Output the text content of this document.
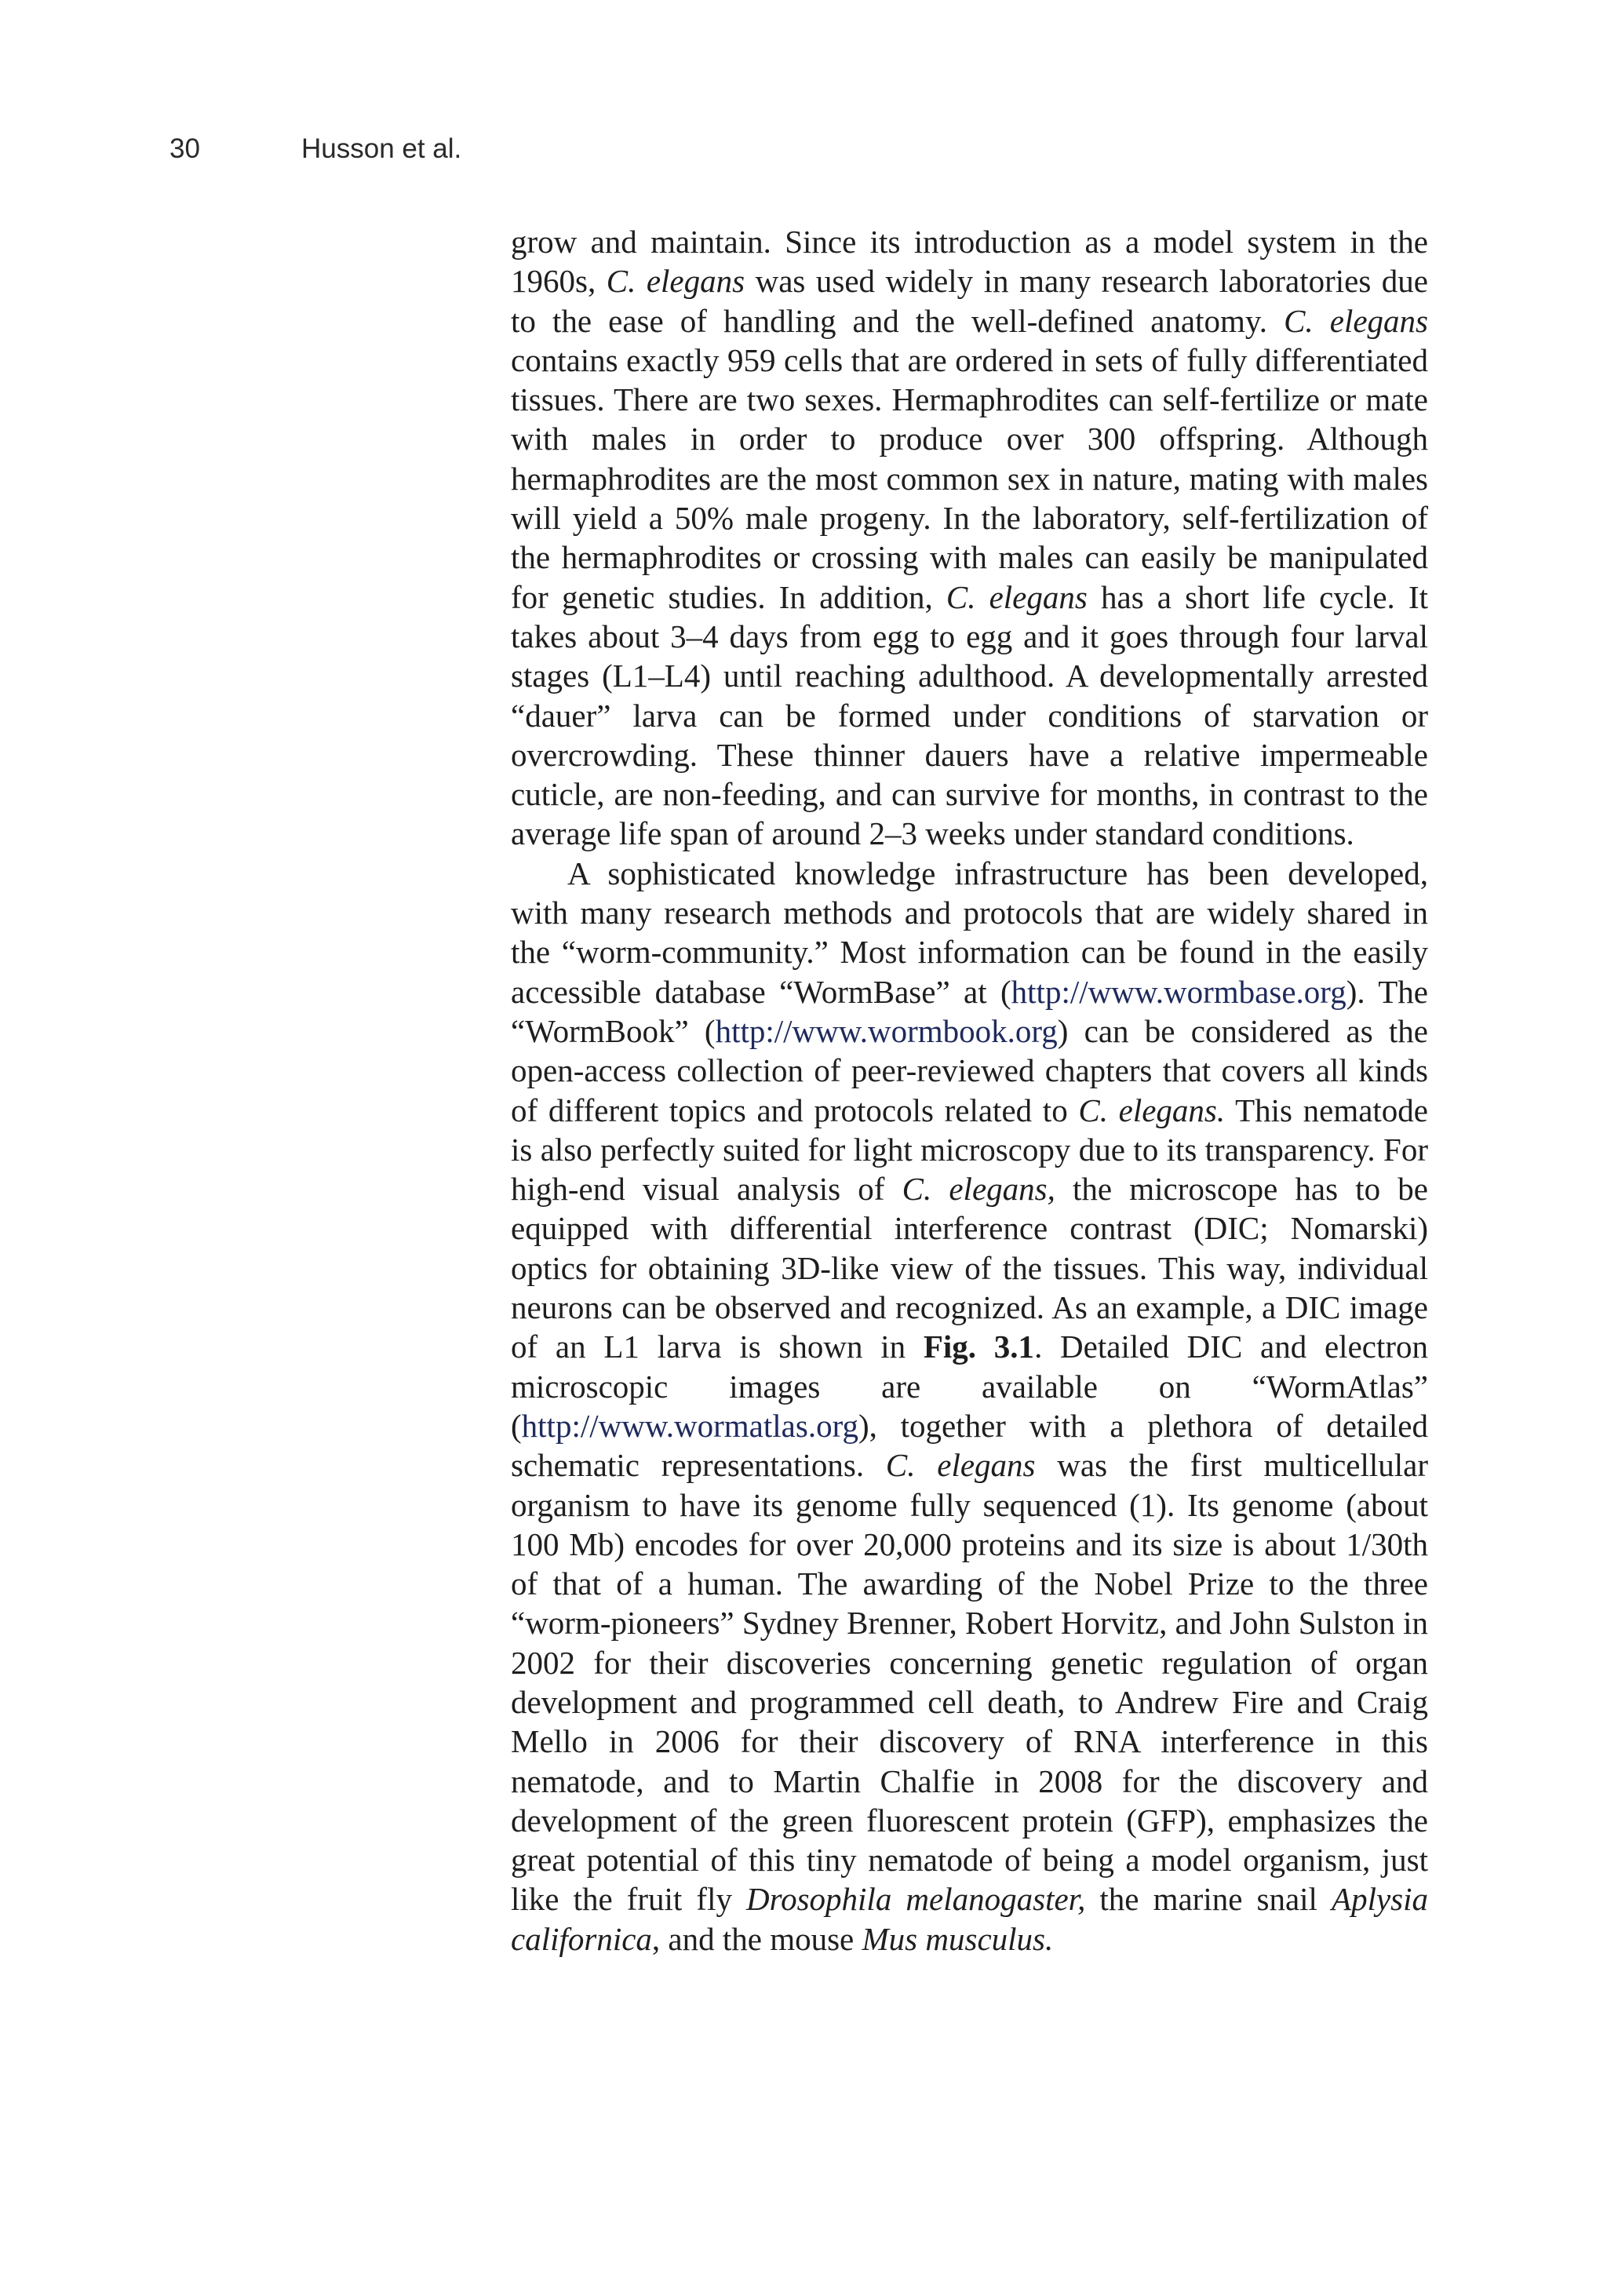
30	Husson et al.

grow and maintain. Since its introduction as a model system in the 1960s, C. elegans was used widely in many research laboratories due to the ease of handling and the well-defined anatomy. C. elegans contains exactly 959 cells that are ordered in sets of fully differentiated tissues. There are two sexes. Hermaphrodites can self-fertilize or mate with males in order to produce over 300 offspring. Although hermaphrodites are the most common sex in nature, mating with males will yield a 50% male progeny. In the laboratory, self-fertilization of the hermaphrodites or crossing with males can easily be manipulated for genetic studies. In addition, C. elegans has a short life cycle. It takes about 3–4 days from egg to egg and it goes through four larval stages (L1–L4) until reaching adulthood. A developmentally arrested “dauer” larva can be formed under conditions of starvation or overcrowding. These thinner dauers have a relative impermeable cuticle, are non-feeding, and can survive for months, in contrast to the average life span of around 2–3 weeks under standard conditions.

A sophisticated knowledge infrastructure has been developed, with many research methods and protocols that are widely shared in the “worm-community.” Most information can be found in the easily accessible database “WormBase” at (http://www.wormbase.org). The “WormBook” (http://www.wormbook.org) can be considered as the open-access collection of peer-reviewed chapters that covers all kinds of different topics and protocols related to C. elegans. This nematode is also perfectly suited for light microscopy due to its transparency. For high-end visual analysis of C. elegans, the microscope has to be equipped with differential interference contrast (DIC; Nomarski) optics for obtaining 3D-like view of the tissues. This way, individual neurons can be observed and recognized. As an example, a DIC image of an L1 larva is shown in Fig. 3.1. Detailed DIC and electron microscopic images are available on “WormAtlas” (http://www.wormatlas.org), together with a plethora of detailed schematic representations. C. elegans was the first multicellular organism to have its genome fully sequenced (1). Its genome (about 100 Mb) encodes for over 20,000 proteins and its size is about 1/30th of that of a human. The awarding of the Nobel Prize to the three “worm-pioneers” Sydney Brenner, Robert Horvitz, and John Sulston in 2002 for their discoveries concerning genetic regulation of organ development and programmed cell death, to Andrew Fire and Craig Mello in 2006 for their discovery of RNA interference in this nematode, and to Martin Chalfie in 2008 for the discovery and development of the green fluorescent protein (GFP), emphasizes the great potential of this tiny nematode of being a model organism, just like the fruit fly Drosophila melanogaster, the marine snail Aplysia californica, and the mouse Mus musculus.
